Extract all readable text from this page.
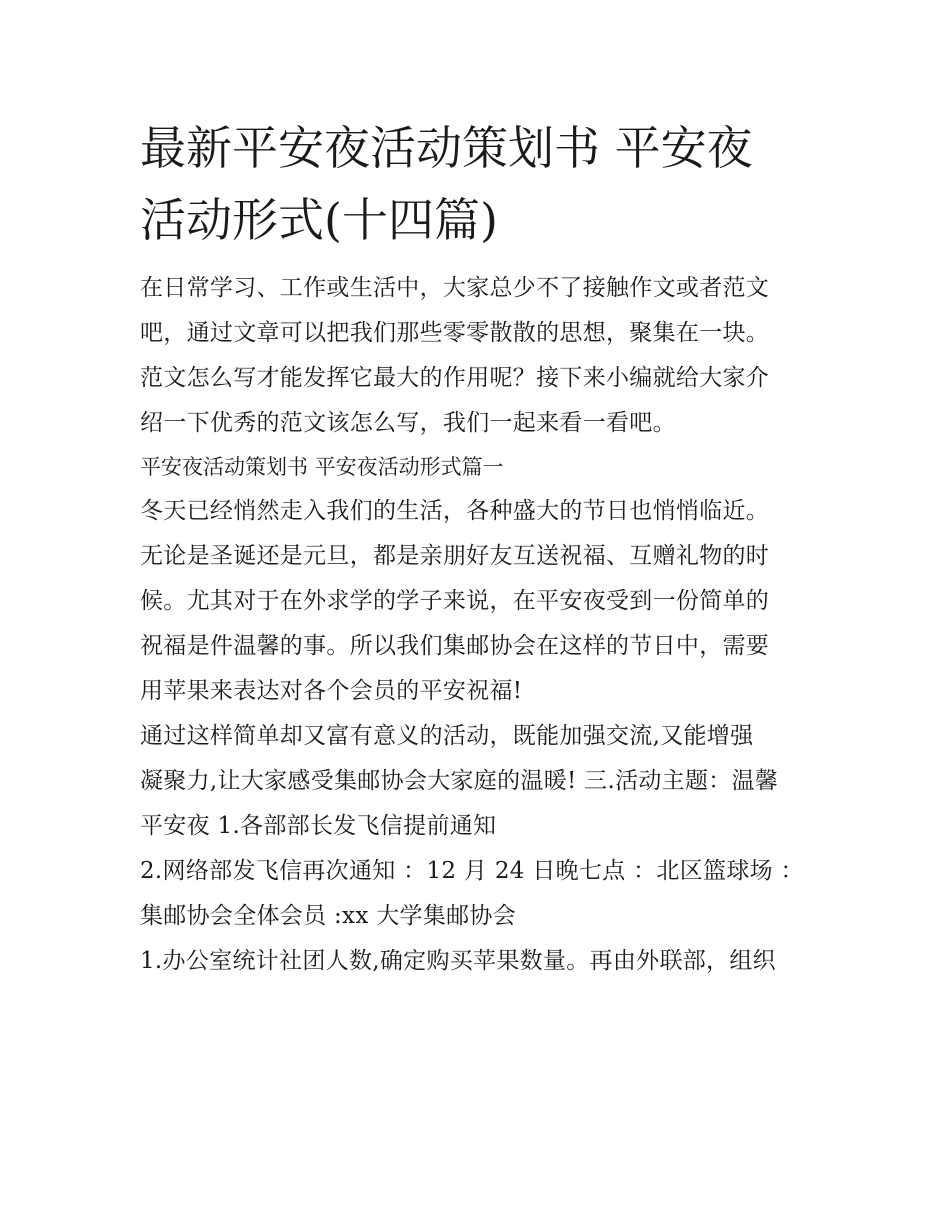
最新平安夜活动策划书 平安夜
活动形式(十四篇)

在日常学习、工作或生活中，大家总少不了接触作文或者范文

吧，通过文章可以把我们那些零零散散的思想，聚集在一块。

范文怎么写才能发挥它最大的作用呢？接下来小编就给大家介

绍一下优秀的范文该怎么写，我们一起来看一看吧。

平安夜活动策划书 平安夜活动形式篇一

冬天已经悄然走入我们的生活，各种盛大的节日也悄悄临近。

无论是圣诞还是元旦，都是亲朋好友互送祝福、互赠礼物的时

候。尤其对于在外求学的学子来说，在平安夜受到一份简单的

祝福是件温馨的事。所以我们集邮协会在这样的节日中，需要

用苹果来表达对各个会员的平安祝福!

通过这样简单却又富有意义的活动，既能加强交流,又能增强

凝聚力,让大家感受集邮协会大家庭的温暖! 三.活动主题：温馨

平安夜 1.各部部长发飞信提前通知

2.网络部发飞信再次通知 ：12 月 24 日晚七点 ：北区篮球场 ：

集邮协会全体会员 :xx 大学集邮协会

1.办公室统计社团人数,确定购买苹果数量。再由外联部，组织
